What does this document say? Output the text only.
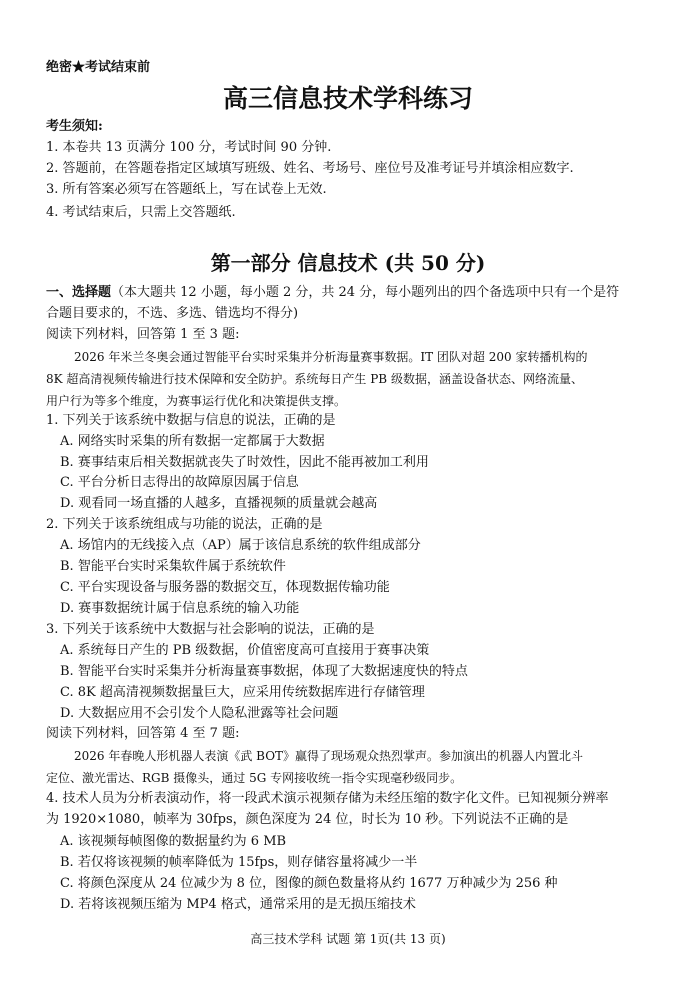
绝密★考试结束前
高三信息技术学科练习
考生须知:
1. 本卷共 13 页满分 100 分，考试时间 90 分钟.
2. 答题前，在答题卷指定区域填写班级、姓名、考场号、座位号及准考证号并填涂相应数字.
3. 所有答案必须写在答题纸上，写在试卷上无效.
4. 考试结束后，只需上交答题纸.
第一部分 信息技术 (共 50 分)
一、选择题（本大题共 12 小题，每小题 2 分，共 24 分，每小题列出的四个备选项中只有一个是符
合题目要求的，不选、多选、错选均不得分)
阅读下列材料，回答第 1 至 3 题:
2026 年米兰冬奥会通过智能平台实时采集并分析海量赛事数据。IT 团队对超 200 家转播机构的
8K 超高清视频传输进行技术保障和安全防护。系统每日产生 PB 级数据，涵盖设备状态、网络流量、
用户行为等多个维度，为赛事运行优化和决策提供支撑。
1. 下列关于该系统中数据与信息的说法，正确的是
A. 网络实时采集的所有数据一定都属于大数据
B. 赛事结束后相关数据就丧失了时效性，因此不能再被加工利用
C. 平台分析日志得出的故障原因属于信息
D. 观看同一场直播的人越多，直播视频的质量就会越高
2. 下列关于该系统组成与功能的说法，正确的是
A. 场馆内的无线接入点（AP）属于该信息系统的软件组成部分
B. 智能平台实时采集软件属于系统软件
C. 平台实现设备与服务器的数据交互，体现数据传输功能
D. 赛事数据统计属于信息系统的输入功能
3. 下列关于该系统中大数据与社会影响的说法，正确的是
A. 系统每日产生的 PB 级数据，价值密度高可直接用于赛事决策
B. 智能平台实时采集并分析海量赛事数据，体现了大数据速度快的特点
C. 8K 超高清视频数据量巨大，应采用传统数据库进行存储管理
D. 大数据应用不会引发个人隐私泄露等社会问题
阅读下列材料，回答第 4 至 7 题:
2026 年春晚人形机器人表演《武 BOT》赢得了现场观众热烈掌声。参加演出的机器人内置北斗
定位、激光雷达、RGB 摄像头，通过 5G 专网接收统一指令实现毫秒级同步。
4. 技术人员为分析表演动作，将一段武术演示视频存储为未经压缩的数字化文件。已知视频分辨率
为 1920×1080，帧率为 30fps，颜色深度为 24 位，时长为 10 秒。下列说法不正确的是
A. 该视频每帧图像的数据量约为 6 MB
B. 若仅将该视频的帧率降低为 15fps，则存储容量将减少一半
C. 将颜色深度从 24 位减少为 8 位，图像的颜色数量将从约 1677 万种减少为 256 种
D. 若将该视频压缩为 MP4 格式，通常采用的是无损压缩技术
高三技术学科 试题 第 1页(共 13 页)
